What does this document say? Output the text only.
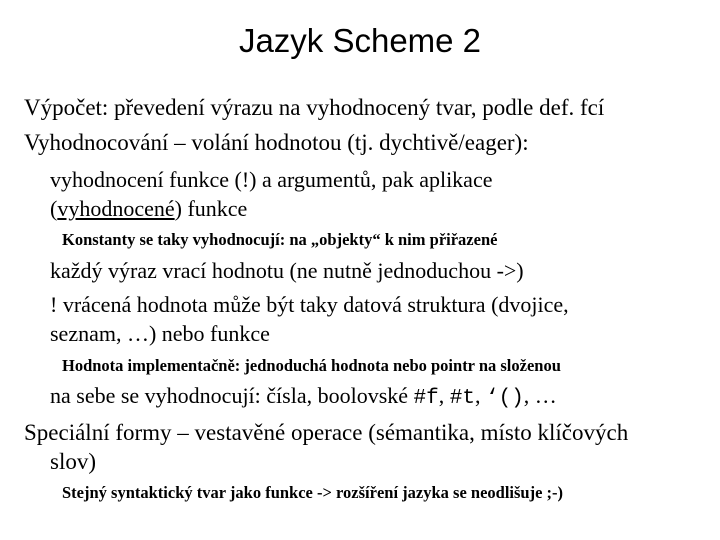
Jazyk Scheme 2
Výpočet: převedení výrazu na vyhodnocený tvar, podle def. fcí
Vyhodnocování – volání hodnotou (tj. dychtivě/eager):
vyhodnocení funkce (!) a argumentů, pak aplikace
(vyhodnocené) funkce
Konstanty se taky vyhodnocují: na „objekty“ k nim přiřazené
každý výraz vrací hodnotu (ne nutně jednoduchou ->)
! vrácená hodnota může být taky datová struktura (dvojice,
seznam, …) nebo funkce
Hodnota implementačně: jednoduchá hodnota nebo pointr na složenou
na sebe se vyhodnocují: čísla, boolovské #f, #t, ‘(), …
Speciální formy – vestavěné operace (sémantika, místo klíčových
slov)
Stejný syntaktický tvar jako funkce -> rozšíření jazyka se neodlišuje ;-)
